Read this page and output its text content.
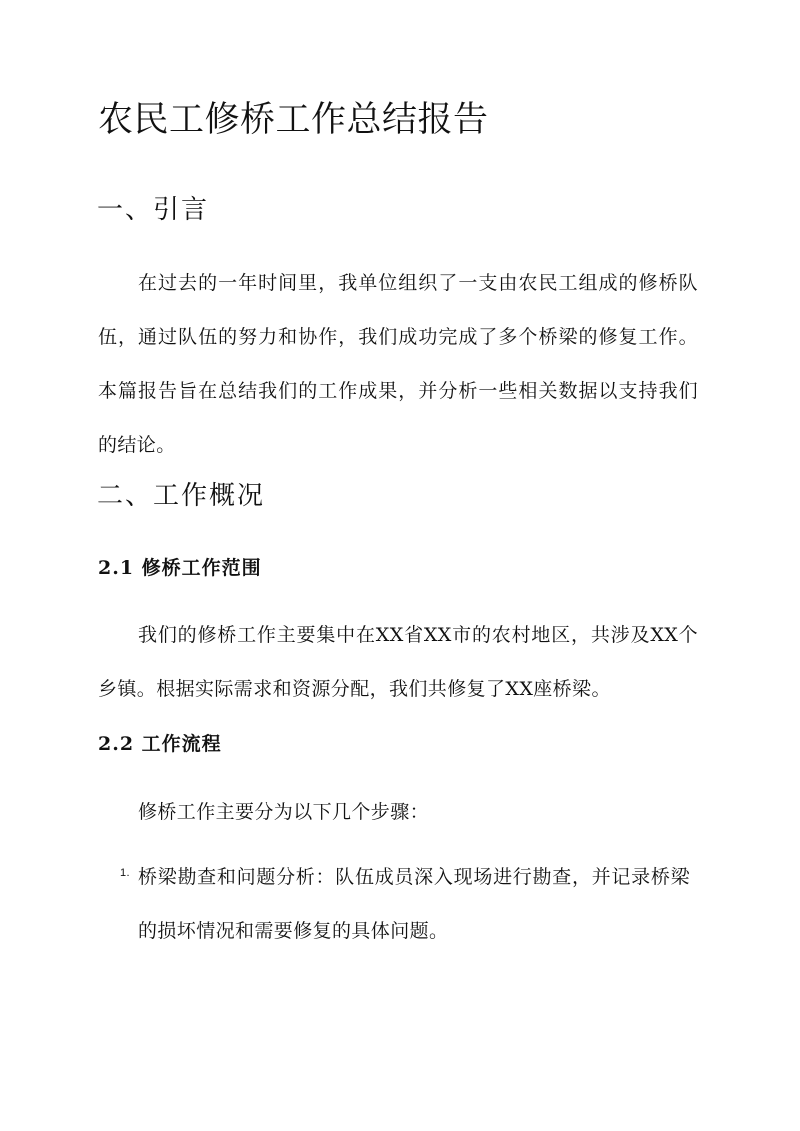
农民工修桥工作总结报告
一、引言

在过去的一年时间里，我单位组织了一支由农民工组成的修桥队伍，通过队伍的努力和协作，我们成功完成了多个桥梁的修复工作。本篇报告旨在总结我们的工作成果，并分析一些相关数据以支持我们的结论。

二、工作概况
2.1 修桥工作范围

我们的修桥工作主要集中在XX省XX市的农村地区，共涉及XX个乡镇。根据实际需求和资源分配，我们共修复了XX座桥梁。

2.2 工作流程

修桥工作主要分为以下几个步骤：

1. 桥梁勘查和问题分析：队伍成员深入现场进行勘查，并记录桥梁的损坏情况和需要修复的具体问题。
